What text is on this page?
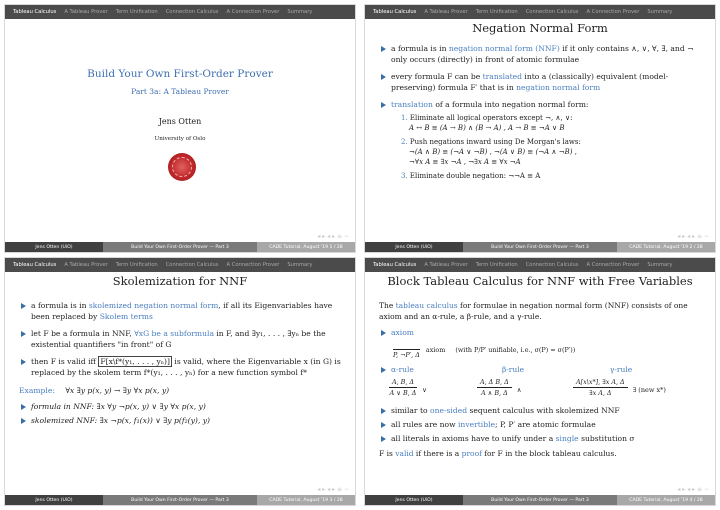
Tableau Calculus A Tableau Prover Term Unification Connection Calculus A Connection Prover Summary
Build Your Own First-Order Prover
Part 3a: A Tableau Prover
Jens Otten
University of Oslo
◂ ▸ ◂ ▸ ≡ ∽
Jens Otten (UiO)	Build Your Own First-Order Prover — Part 3	CADE Tutorial, August '19 1 / 28
Tableau Calculus A Tableau Prover Term Unification Connection Calculus A Connection Prover Summary
Negation Normal Form
a formula is in negation normal form (NNF) if it only contains ∧, ∨, ∀, ∃, and ¬ only occurs (directly) in front of atomic formulae
every formula F can be translated into a (classically) equivalent (model-preserving) formula F′ that is in negation normal form
translation of a formula into negation normal form:
1. Eliminate all logical operators except ¬, ∧, ∨:
A ↔ B ≡ (A → B) ∧ (B → A) , A → B ≡ ¬A ∨ B
2. Push negations inward using De Morgan's laws:
¬(A ∧ B) ≡ (¬A ∨ ¬B) , ¬(A ∨ B) ≡ (¬A ∧ ¬B) ,
¬∀x A ≡ ∃x ¬A , ¬∃x A ≡ ∀x ¬A
3. Eliminate double negation: ¬¬A ≡ A
◂ ▸ ◂ ▸ ≡ ∽
Jens Otten (UiO)	Build Your Own First-Order Prover — Part 3	CADE Tutorial, August '19 2 / 28
Tableau Calculus A Tableau Prover Term Unification Connection Calculus A Connection Prover Summary
Skolemization for NNF
a formula is in skolemized negation normal form, if all its Eigenvariables have been replaced by Skolem terms
let F be a formula in NNF, ∀xG be a subformula in F, and ∃y₁, . . . , ∃yₙ be the existential quantifiers "in front" of G
then F is valid iff F[x\f*(y₁, . . . , yₙ)] is valid, where the Eigenvariable x (in G) is replaced by the skolem term f*(y₁, . . . , yₙ) for a new function symbol f*
Example: ∀x ∃y p(x, y) → ∃y ∀x p(x, y)
formula in NNF: ∃x ∀y ¬p(x, y) ∨ ∃y ∀x p(x, y)
skolemized NNF: ∃x ¬p(x, f₁(x)) ∨ ∃y p(f₂(y), y)
◂ ▸ ◂ ▸ ≡ ∽
Jens Otten (UiO)	Build Your Own First-Order Prover — Part 3	CADE Tutorial, August '19 3 / 28
Tableau Calculus A Tableau Prover Term Unification Connection Calculus A Connection Prover Summary
Block Tableau Calculus for NNF with Free Variables
The tableau calculus for formulae in negation normal form (NNF) consists of one axiom and an α-rule, a β-rule, and a γ-rule.
axiom

P, ¬P′, Δ
axiom (with P/P′ unifiable, i.e., σ(P) = σ(P′))
α-rule	β-rule	γ-rule
$\frac{A, B, \Delta}{A \vee B, \Delta}$ ∨	$\frac{\text{A, Δ B, Δ}}{A \wedge B, \Delta}$ ∧	$\frac{\text{A[x\textbackslash{}x*], ∃x A, Δ}}{\text{∃x A, Δ}}$ ∃ (new x*)
similar to one-sided sequent calculus with skolemized NNF
all rules are now invertible; P, P′ are atomic formulae
all literals in axioms have to unify under a single substitution σ
F is valid if there is a proof for F in the block tableau calculus.
◂ ▸ ◂ ▸ ≡ ∽
Jens Otten (UiO)	Build Your Own First-Order Prover — Part 3	CADE Tutorial, August '19 4 / 28
